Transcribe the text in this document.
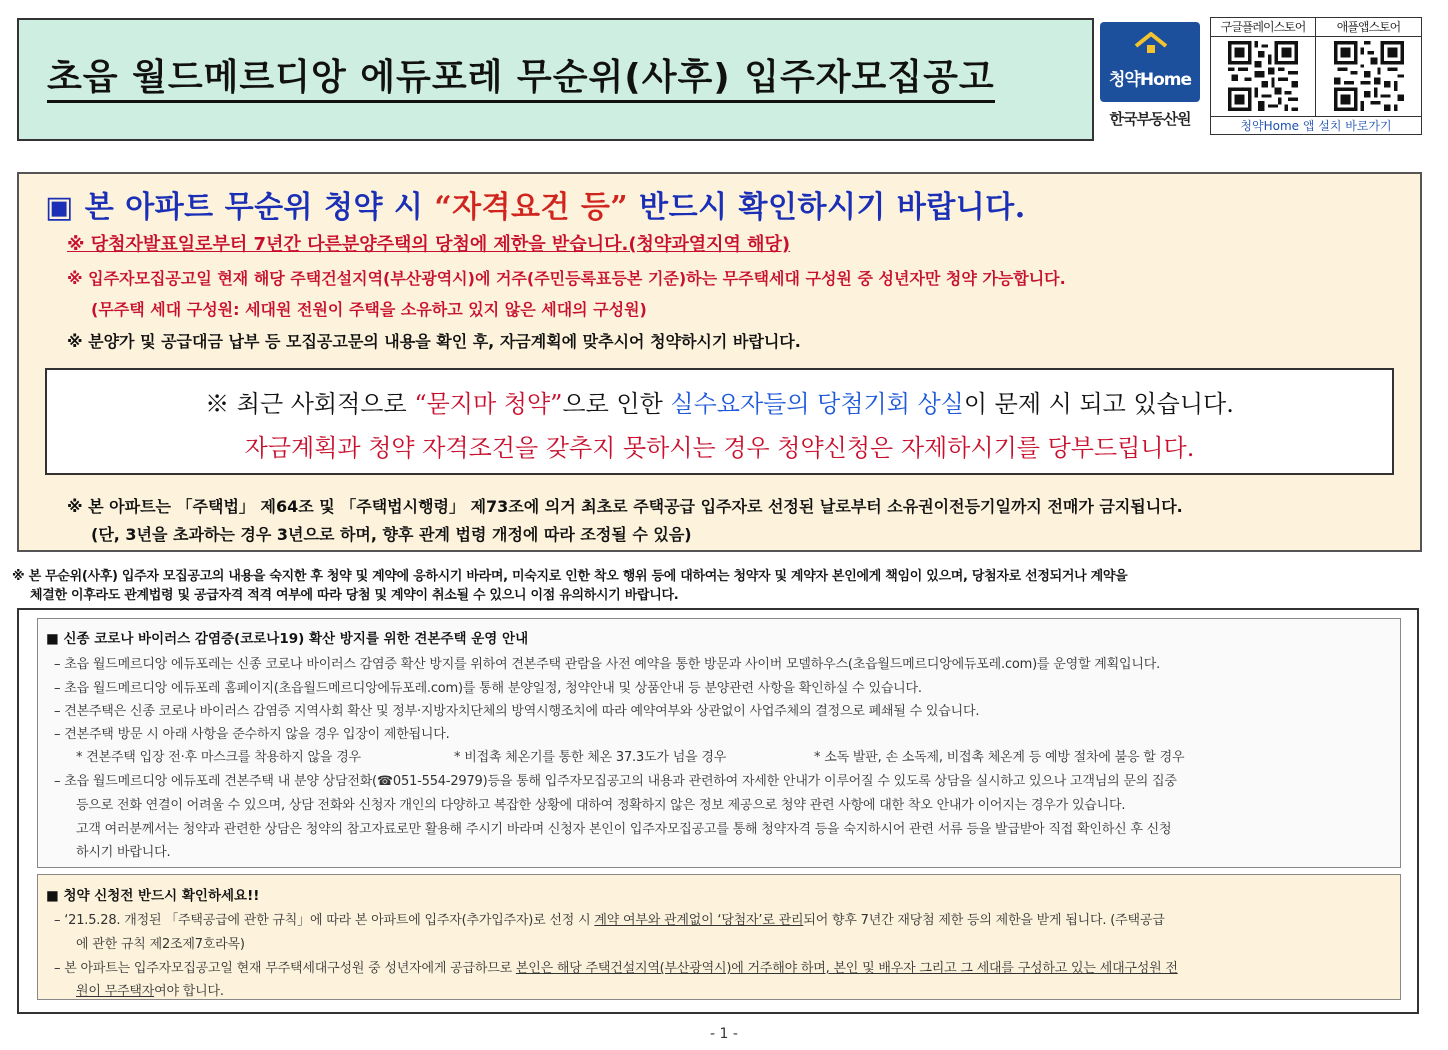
초읍 월드메르디앙 에듀포레 무순위(사후) 입주자모집공고	청약Home
한국부동산원
구글플레이스토어	애플앱스토어
청약Home 앱 설치 바로가기
▣ 본 아파트 무순위 청약 시 “자격요건 등” 반드시 확인하시기 바랍니다.
※ 당첨자발표일로부터 7년간 다른분양주택의 당첨에 제한을 받습니다.(청약과열지역 해당)
※ 입주자모집공고일 현재 해당 주택건설지역(부산광역시)에 거주(주민등록표등본 기준)하는 무주택세대 구성원 중 성년자만 청약 가능합니다.
(무주택 세대 구성원: 세대원 전원이 주택을 소유하고 있지 않은 세대의 구성원)
※ 분양가 및 공급대금 납부 등 모집공고문의 내용을 확인 후, 자금계획에 맞추시어 청약하시기 바랍니다.
※ 최근 사회적으로 “묻지마 청약”으로 인한 실수요자들의 당첨기회 상실이 문제 시 되고 있습니다.
자금계획과 청약 자격조건을 갖추지 못하시는 경우 청약신청은 자제하시기를 당부드립니다.
※ 본 아파트는 「주택법」 제64조 및 「주택법시행령」 제73조에 의거 최초로 주택공급 입주자로 선정된 날로부터 소유권이전등기일까지 전매가 금지됩니다.
(단, 3년을 초과하는 경우 3년으로 하며, 향후 관계 법령 개정에 따라 조정될 수 있음)
※ 본 무순위(사후) 입주자 모집공고의 내용을 숙지한 후 청약 및 계약에 응하시기 바라며, 미숙지로 인한 착오 행위 등에 대하여는 청약자 및 계약자 본인에게 책임이 있으며, 당첨자로 선정되거나 계약을
체결한 이후라도 관계법령 및 공급자격 적격 여부에 따라 당첨 및 계약이 취소될 수 있으니 이점 유의하시기 바랍니다.
■ 신종 코로나 바이러스 감염증(코로나19) 확산 방지를 위한 견본주택 운영 안내
– 초읍 월드메르디앙 에듀포레는 신종 코로나 바이러스 감염증 확산 방지를 위하여 견본주택 관람을 사전 예약을 통한 방문과 사이버 모델하우스(초읍월드메르디앙에듀포레.com)를 운영할 계획입니다.
– 초읍 월드메르디앙 에듀포레 홈페이지(초읍월드메르디앙에듀포레.com)를 통해 분양일정, 청약안내 및 상품안내 등 분양관련 사항을 확인하실 수 있습니다.
– 견본주택은 신종 코로나 바이러스 감염증 지역사회 확산 및 정부·지방자치단체의 방역시행조치에 따라 예약여부와 상관없이 사업주체의 결정으로 폐쇄될 수 있습니다.
– 견본주택 방문 시 아래 사항을 준수하지 않을 경우 입장이 제한됩니다.
* 견본주택 입장 전·후 마스크를 착용하지 않을 경우	* 비접촉 체온기를 통한 체온 37.3도가 넘을 경우	* 소독 발판, 손 소독제, 비접촉 체온계 등 예방 절차에 불응 할 경우
– 초읍 월드메르디앙 에듀포레 견본주택 내 분양 상담전화(☎051-554-2979)등을 통해 입주자모집공고의 내용과 관련하여 자세한 안내가 이루어질 수 있도록 상담을 실시하고 있으나 고객님의 문의 집중
등으로 전화 연결이 어려울 수 있으며, 상담 전화와 신청자 개인의 다양하고 복잡한 상황에 대하여 정확하지 않은 정보 제공으로 청약 관련 사항에 대한 착오 안내가 이어지는 경우가 있습니다.
고객 여러분께서는 청약과 관련한 상담은 청약의 참고자료로만 활용해 주시기 바라며 신청자 본인이 입주자모집공고를 통해 청약자격 등을 숙지하시어 관련 서류 등을 발급받아 직접 확인하신 후 신청
하시기 바랍니다.
■ 청약 신청전 반드시 확인하세요!!
– ‘21.5.28. 개정된 「주택공급에 관한 규칙」에 따라 본 아파트에 입주자(추가입주자)로 선정 시 계약 여부와 관계없이 ‘당첨자’로 관리되어 향후 7년간 재당첨 제한 등의 제한을 받게 됩니다. (주택공급
에 관한 규칙 제2조제7호라목)
– 본 아파트는 입주자모집공고일 현재 무주택세대구성원 중 성년자에게 공급하므로 본인은 해당 주택건설지역(부산광역시)에 거주해야 하며, 본인 및 배우자 그리고 그 세대를 구성하고 있는 세대구성원 전
원이 무주택자여야 합니다.
- 1 -
